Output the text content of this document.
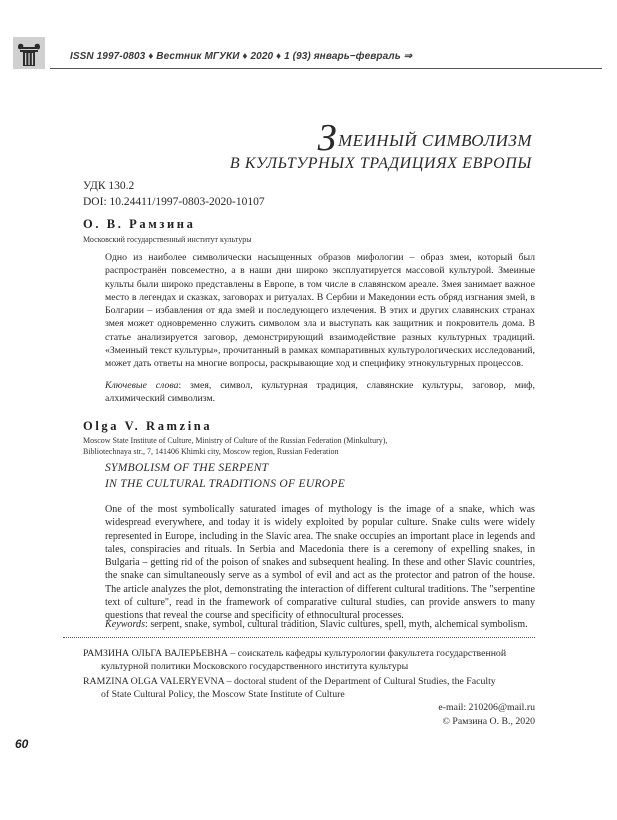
ISSN 1997-0803 ♦ Вестник МГУКИ ♦ 2020 ♦ 1 (93) январь−февраль ⇒
ЗМЕИНЫЙ СИМВОЛИЗМ
В КУЛЬТУРНЫХ ТРАДИЦИЯХ ЕВРОПЫ
УДК 130.2
DOI: 10.24411/1997-0803-2020-10107
О. В. Рамзина
Московский государственный институт культуры
Одно из наиболее символически насыщенных образов мифологии – образ змеи, который был распространён повсеместно, а в наши дни широко эксплуатируется массовой культурой. Змеиные культы были широко представлены в Европе, в том числе в славянском ареале. Змея занимает важное место в легендах и сказках, заговорах и ритуалах. В Сербии и Македонии есть обряд изгнания змей, в Болгарии – избавления от яда змей и последующего излечения. В этих и других славянских странах змея может одновременно служить символом зла и выступать как защитник и покровитель дома. В статье анализируется заговор, демонстрирующий взаимодействие разных культурных традиций. «Змеиный текст культуры», прочитанный в рамках компаративных культурологических исследований, может дать ответы на многие вопросы, раскрывающие ход и специфику этнокультурных процессов.
Ключевые слова: змея, символ, культурная традиция, славянские культуры, заговор, миф, алхимический символизм.
Olga V. Ramzina
Moscow State Institute of Culture, Ministry of Culture of the Russian Federation (Minkultury),
Bibliotechnaya str., 7, 141406 Khimki city, Moscow region, Russian Federation
SYMBOLISM OF THE SERPENT
IN THE CULTURAL TRADITIONS OF EUROPE
One of the most symbolically saturated images of mythology is the image of a snake, which was widespread everywhere, and today it is widely exploited by popular culture. Snake cults were widely represented in Europe, including in the Slavic area. The snake occupies an important place in legends and tales, conspiracies and rituals. In Serbia and Macedonia there is a ceremony of expelling snakes, in Bulgaria – getting rid of the poison of snakes and subsequent healing. In these and other Slavic countries, the snake can simultaneously serve as a symbol of evil and act as the protector and patron of the house. The article analyzes the plot, demonstrating the interaction of different cultural traditions. The "serpentine text of culture", read in the framework of comparative cultural studies, can provide answers to many questions that reveal the course and specificity of ethnocultural processes.
Keywords: serpent, snake, symbol, cultural tradition, Slavic cultures, spell, myth, alchemical symbolism.
РАМЗИНА ОЛЬГА ВАЛЕРЬЕВНА – соискатель кафедры культурологии факультета государственной
культурной политики Московского государственного института культуры
RAMZINA OLGA VALERYEVNA – doctoral student of the Department of Cultural Studies, the Faculty
of State Cultural Policy, the Moscow State Institute of Culture
e-mail: 210206@mail.ru
© Рамзина О. В., 2020
60
